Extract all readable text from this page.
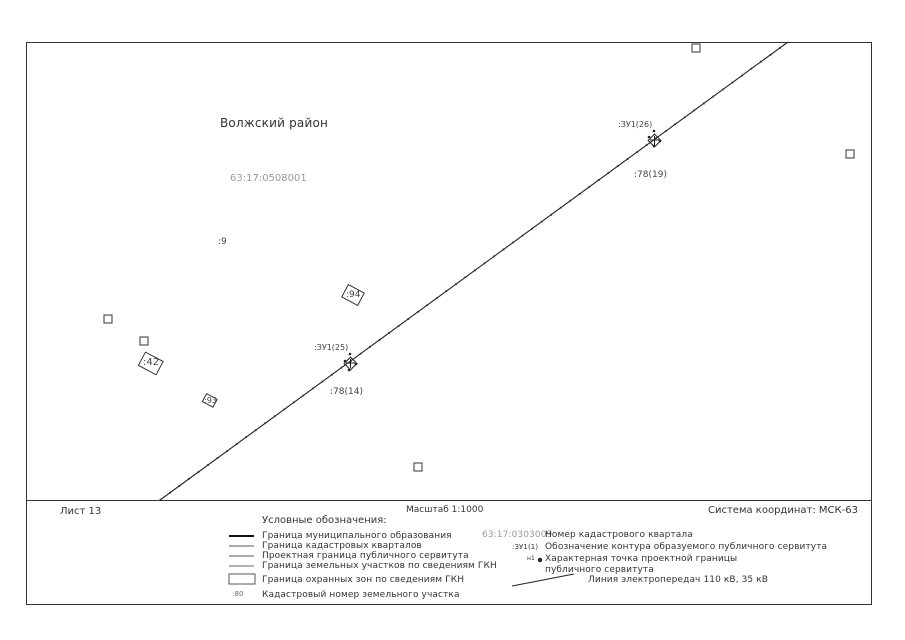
Волжский район
63:17:0508001
:9
:94
:42
:93
:ЗУ1(26)
:ЗУ1(25)
:78(19)
:78(14)
Лист 13	Масштаб 1:1000	Система координат: МСК-63
Условные обозначения:
Граница муниципального образования
Граница кадастровых кварталов
Проектная граница публичного сервитута
Граница земельных участков по сведениям ГКН
Граница охранных зон по сведениям ГКН
Кадастровый номер земельного участка
:80
63:17:0303009
Номер кадастрового квартала
:ЗУ1(1) Обозначение контура образуемого публичного сервитута
н1 Характерная точка проектной границы публичного сервитута
Линия электропередач 110 кВ, 35 кВ
